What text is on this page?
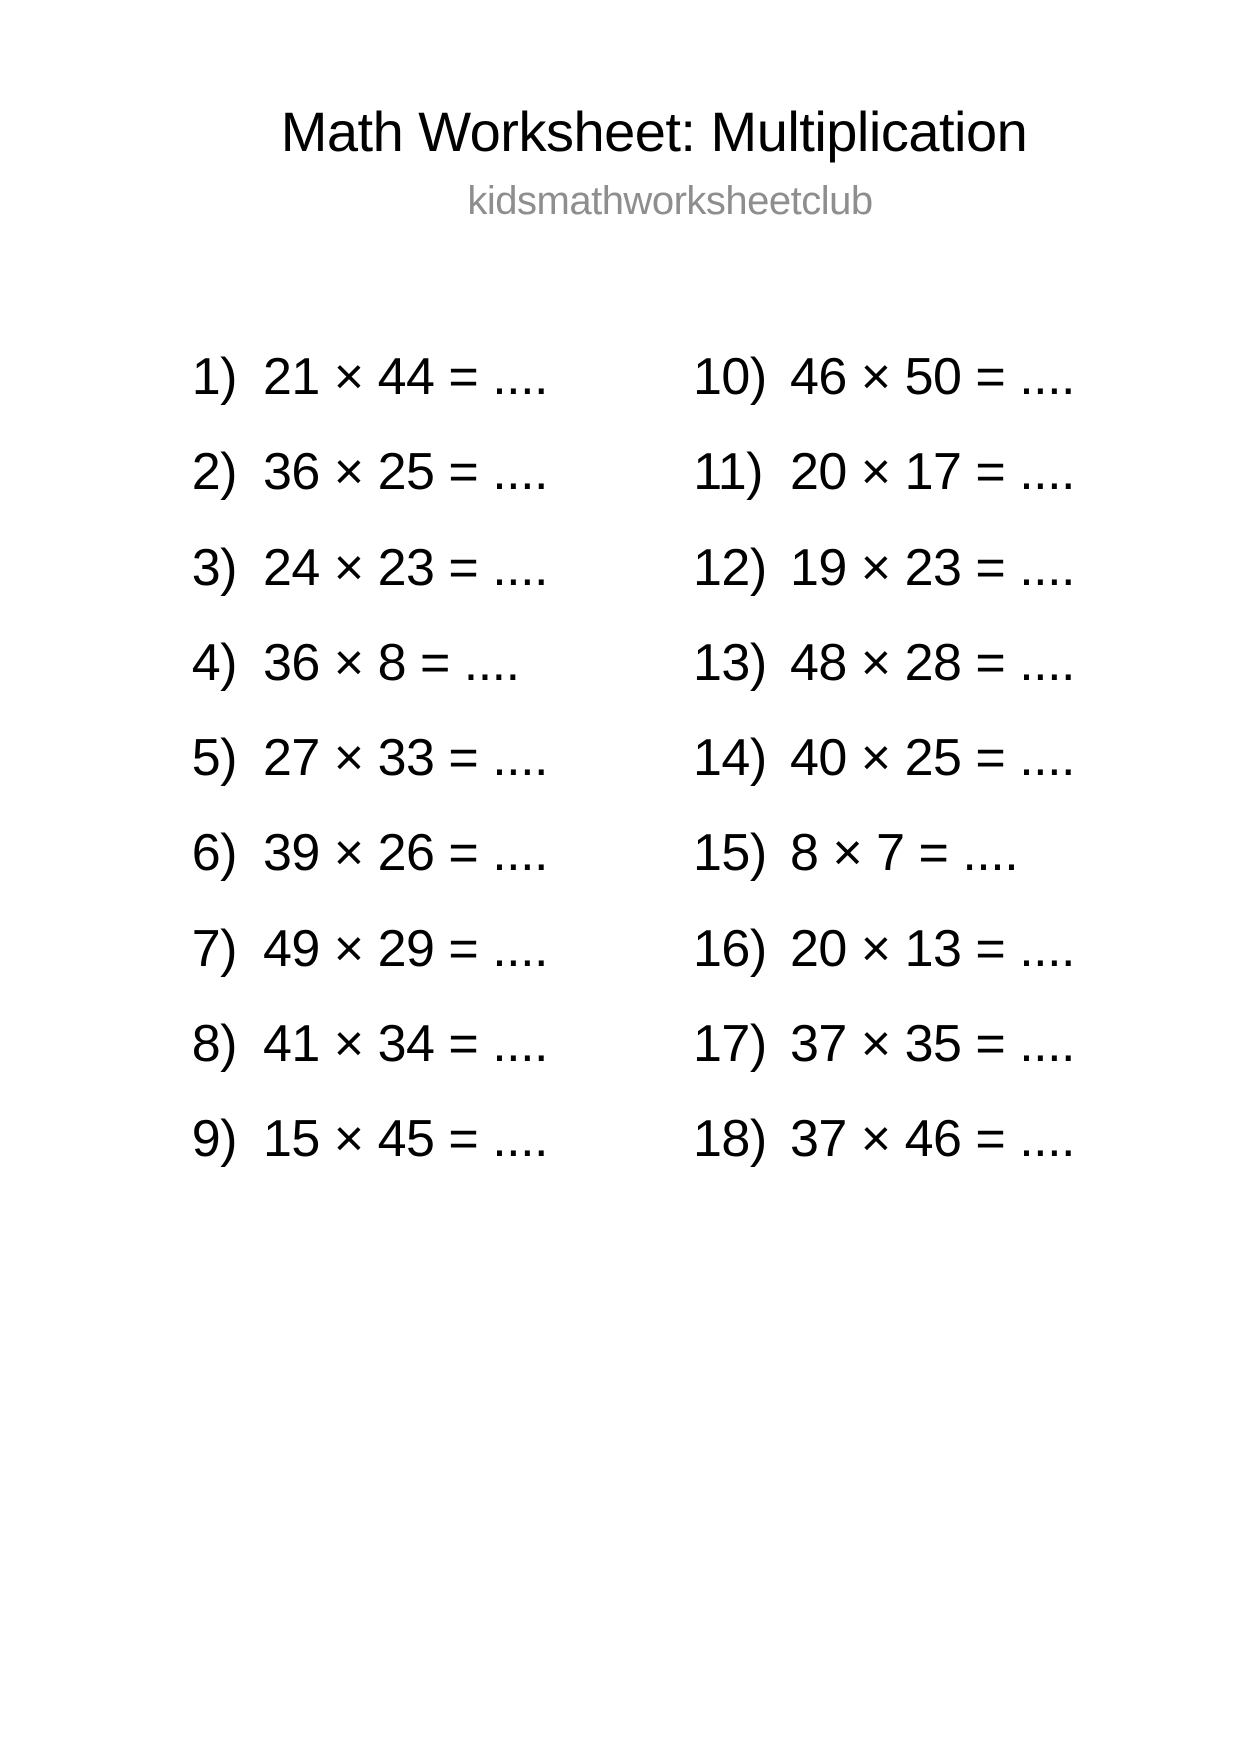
Math Worksheet: Multiplication
kidsmathworksheetclub
1) 21 × 44 = ....
2) 36 × 25 = ....
3) 24 × 23 = ....
4) 36 × 8 = ....
5) 27 × 33 = ....
6) 39 × 26 = ....
7) 49 × 29 = ....
8) 41 × 34 = ....
9) 15 × 45 = ....
10) 46 × 50 = ....
11) 20 × 17 = ....
12) 19 × 23 = ....
13) 48 × 28 = ....
14) 40 × 25 = ....
15) 8 × 7 = ....
16) 20 × 13 = ....
17) 37 × 35 = ....
18) 37 × 46 = ....
